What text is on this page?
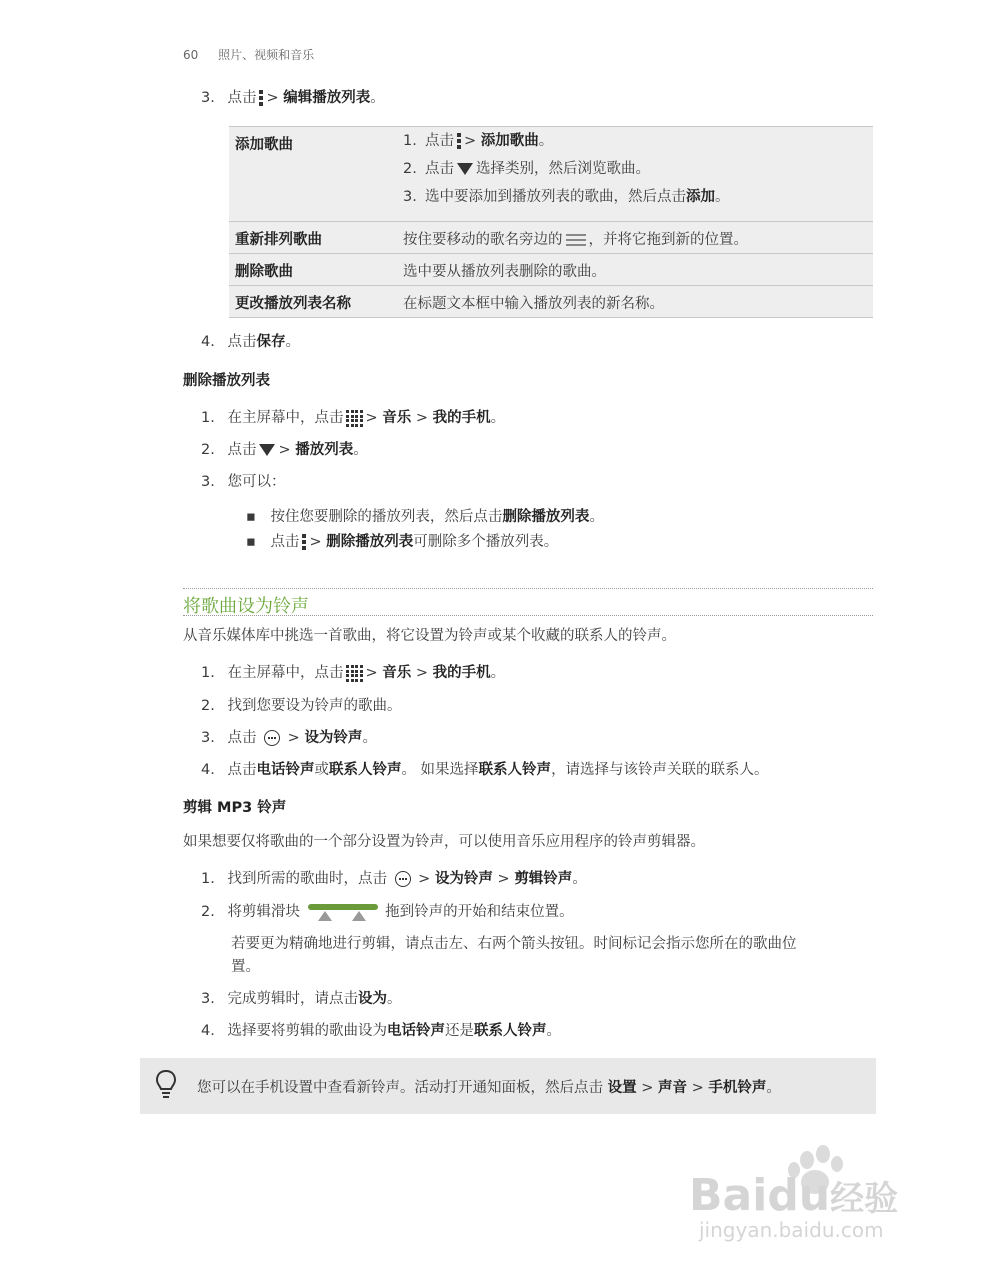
60 照片、视频和音乐
3. 点击 > 编辑播放列表。
添加歌曲	1. 点击 > 添加歌曲。
2. 点击 选择类别，然后浏览歌曲。
3. 选中要添加到播放列表的歌曲，然后点击添加。

重新排列歌曲	按住要移动的歌名旁边的 ，并将它拖到新的位置。
删除歌曲	选中要从播放列表删除的歌曲。
更改播放列表名称	在标题文本框中输入播放列表的新名称。
4. 点击保存。
删除播放列表
1. 在主屏幕中，点击 > 音乐 > 我的手机。
2. 点击 > 播放列表。
3. 您可以：
▪ 按住您要删除的播放列表，然后点击删除播放列表。
▪ 点击 > 删除播放列表可删除多个播放列表。
将歌曲设为铃声
从音乐媒体库中挑选一首歌曲，将它设置为铃声或某个收藏的联系人的铃声。
1. 在主屏幕中，点击 > 音乐 > 我的手机。
2. 找到您要设为铃声的歌曲。
3. 点击 > 设为铃声。
4. 点击电话铃声或联系人铃声。 如果选择联系人铃声，请选择与该铃声关联的联系人。
剪辑 MP3 铃声
如果想要仅将歌曲的一个部分设置为铃声，可以使用音乐应用程序的铃声剪辑器。
1. 找到所需的歌曲时，点击 > 设为铃声 > 剪辑铃声。
2. 将剪辑滑块	拖到铃声的开始和结束位置。
若要更为精确地进行剪辑，请点击左、右两个箭头按钮。时间标记会指示您所在的歌曲位
置。
3. 完成剪辑时，请点击设为。
4. 选择要将剪辑的歌曲设为电话铃声还是联系人铃声。
您可以在手机设置中查看新铃声。活动打开通知面板，然后点击 设置 > 声音 > 手机铃声。
Baidu经验
jingyan.baidu.com
